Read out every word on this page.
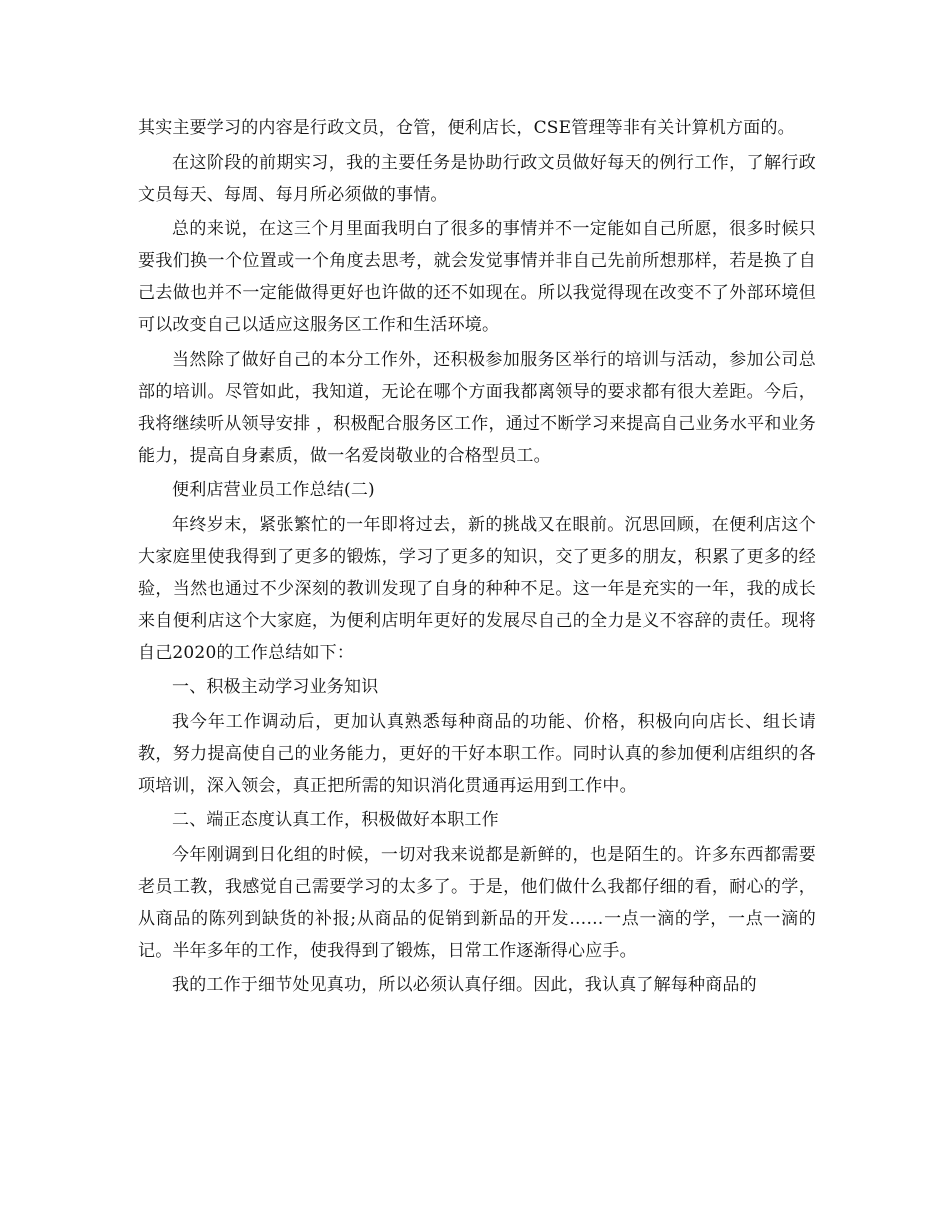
其实主要学习的内容是行政文员，仓管，便利店长，CSE管理等非有关计算机方面的。

在这阶段的前期实习，我的主要任务是协助行政文员做好每天的例行工作，了解行政文员每天、每周、每月所必须做的事情。

总的来说，在这三个月里面我明白了很多的事情并不一定能如自己所愿，很多时候只要我们换一个位置或一个角度去思考，就会发觉事情并非自己先前所想那样，若是换了自己去做也并不一定能做得更好也许做的还不如现在。所以我觉得现在改变不了外部环境但可以改变自己以适应这服务区工作和生活环境。

当然除了做好自己的本分工作外，还积极参加服务区举行的培训与活动，参加公司总部的培训。尽管如此，我知道，无论在哪个方面我都离领导的要求都有很大差距。今后，我将继续听从领导安排 ，积极配合服务区工作，通过不断学习来提高自己业务水平和业务能力，提高自身素质，做一名爱岗敬业的合格型员工。

便利店营业员工作总结(二)

年终岁末，紧张繁忙的一年即将过去，新的挑战又在眼前。沉思回顾，在便利店这个大家庭里使我得到了更多的锻炼，学习了更多的知识，交了更多的朋友，积累了更多的经验，当然也通过不少深刻的教训发现了自身的种种不足。这一年是充实的一年，我的成长来自便利店这个大家庭，为便利店明年更好的发展尽自己的全力是义不容辞的责任。现将自己2020的工作总结如下：

一、积极主动学习业务知识

我今年工作调动后，更加认真熟悉每种商品的功能、价格，积极向向店长、组长请教，努力提高使自己的业务能力，更好的干好本职工作。同时认真的参加便利店组织的各项培训，深入领会，真正把所需的知识消化贯通再运用到工作中。

二、端正态度认真工作，积极做好本职工作

今年刚调到日化组的时候，一切对我来说都是新鲜的，也是陌生的。许多东西都需要老员工教，我感觉自己需要学习的太多了。于是，他们做什么我都仔细的看，耐心的学，从商品的陈列到缺货的补报;从商品的促销到新品的开发……一点一滴的学，一点一滴的记。半年多年的工作，使我得到了锻炼，日常工作逐渐得心应手。

我的工作于细节处见真功，所以必须认真仔细。因此，我认真了解每种商品的
